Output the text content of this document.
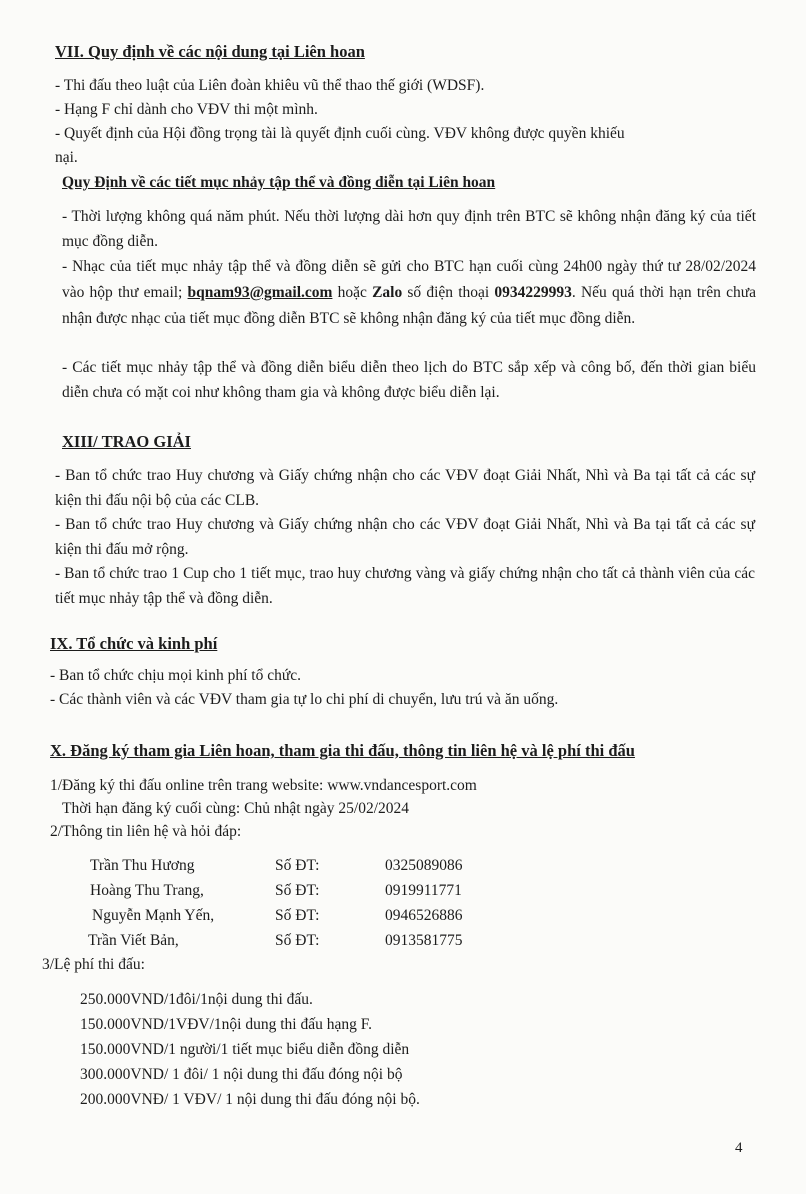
VII. Quy định về các nội dung tại Liên hoan
- Thi đấu theo luật của Liên đoàn khiêu vũ thể thao thế giới (WDSF).
- Hạng F chỉ dành cho VĐV thi một mình.
- Quyết định của Hội đồng trọng tài là quyết định cuối cùng. VĐV không được quyền khiếu
nại.
Quy Định về các tiết mục nhảy tập thể và đồng diễn tại Liên hoan
- Thời lượng không quá năm phút. Nếu thời lượng dài hơn quy định trên BTC sẽ không nhận đăng ký của tiết mục đồng diễn.
- Nhạc của tiết mục nhảy tập thể và đồng diễn sẽ gửi cho BTC hạn cuối cùng 24h00 ngày thứ tư 28/02/2024 vào hộp thư email; bqnam93@gmail.com hoặc Zalo số điện thoại 0934229993. Nếu quá thời hạn trên chưa nhận được nhạc của tiết mục đồng diễn BTC sẽ không nhận đăng ký của tiết mục đồng diễn.
- Các tiết mục nhảy tập thể và đồng diễn biểu diễn theo lịch do BTC sắp xếp và công bố, đến thời gian biểu diễn chưa có mặt coi như không tham gia và không được biểu diễn lại.
XIII/ TRAO GIẢI
- Ban tổ chức trao Huy chương và Giấy chứng nhận cho các VĐV đoạt Giải Nhất, Nhì và Ba tại tất cả các sự kiện thi đấu nội bộ của các CLB.
- Ban tổ chức trao Huy chương và Giấy chứng nhận cho các VĐV đoạt Giải Nhất, Nhì và Ba tại tất cả các sự kiện thi đấu mở rộng.
- Ban tổ chức trao 1 Cup cho 1 tiết mục, trao huy chương vàng và giấy chứng nhận cho tất cả thành viên của các tiết mục nhảy tập thể và đồng diễn.
IX. Tổ chức và kinh phí
- Ban tổ chức chịu mọi kinh phí tổ chức.
- Các thành viên và các VĐV tham gia tự lo chi phí di chuyển, lưu trú và ăn uống.
X. Đăng ký tham gia Liên hoan, tham gia thi đấu, thông tin liên hệ và lệ phí thi đấu
1/Đăng ký thi đấu online trên trang website: www.vndancesport.com
Thời hạn đăng ký cuối cùng: Chủ nhật ngày 25/02/2024
2/Thông tin liên hệ và hỏi đáp:
Trần Thu Hương	Số ĐT:	0325089086
Hoàng Thu Trang,	Số ĐT:	0919911771
Nguyễn Mạnh Yến,	Số ĐT:	0946526886
Trần Viết Bản,	Số ĐT:	0913581775
3/Lệ phí thi đấu:
250.000VND/1đôi/1nội dung thi đấu.
150.000VND/1VĐV/1nội dung thi đấu hạng F.
150.000VND/1 người/1 tiết mục biểu diễn đồng diễn
300.000VND/ 1 đôi/ 1 nội dung thi đấu đóng nội bộ
200.000VNĐ/ 1 VĐV/ 1 nội dung thi đấu đóng nội bộ.
4
